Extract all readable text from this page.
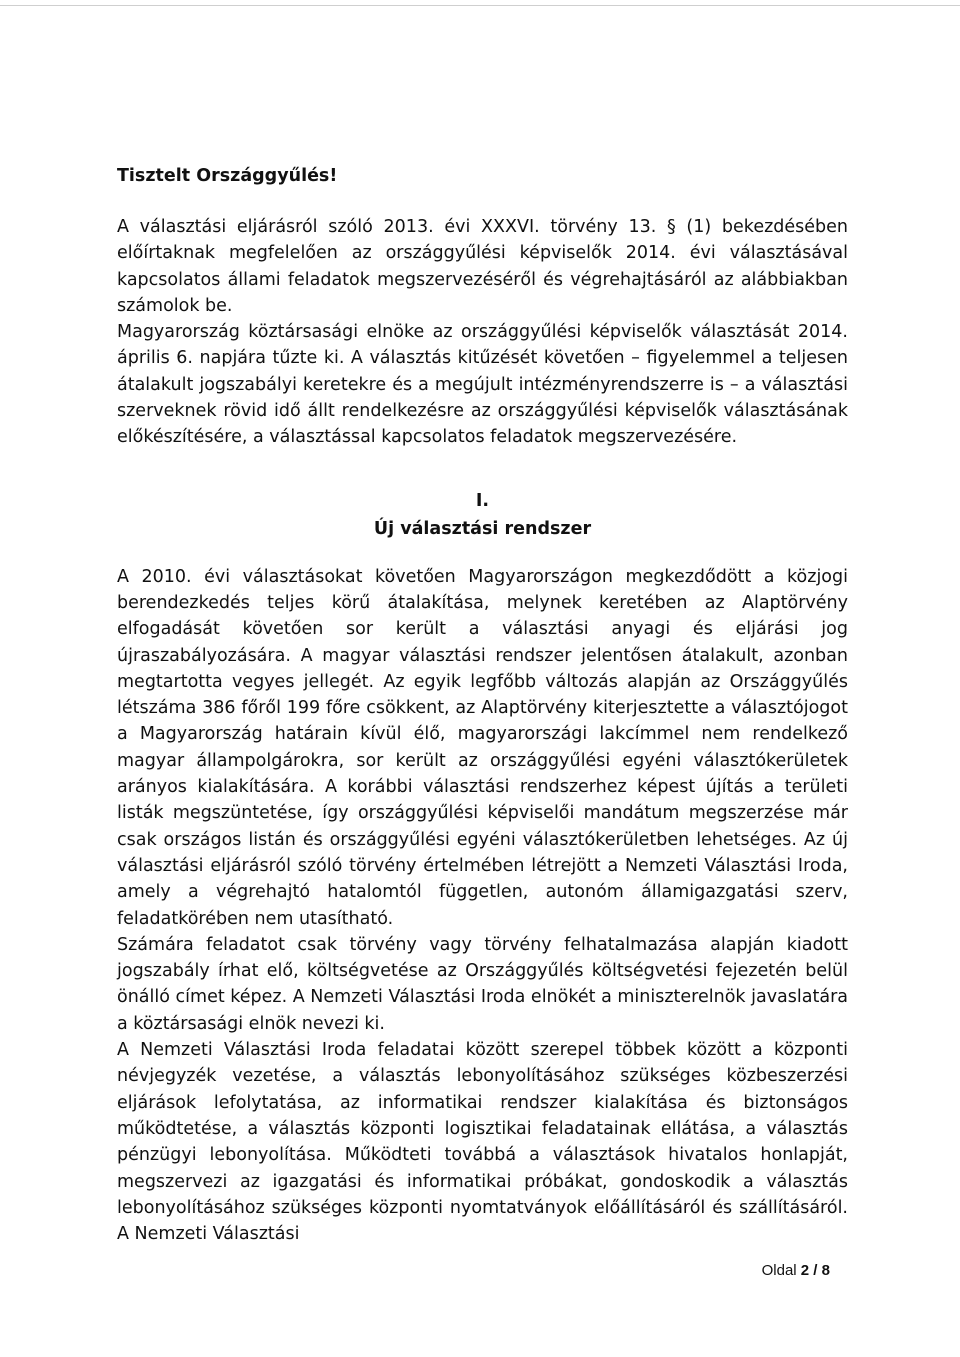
Tisztelt Országgyűlés!

A választási eljárásról szóló 2013. évi XXXVI. törvény 13. § (1) bekezdésében előírtaknak megfelelően az országgyűlési képviselők 2014. évi választásával kapcsolatos állami feladatok megszervezéséről és végrehajtásáról az alábbiakban számolok be.

Magyarország köztársasági elnöke az országgyűlési képviselők választását 2014. április 6. napjára tűzte ki. A választás kitűzését követően – figyelemmel a teljesen átalakult jogszabályi keretekre és a megújult intézményrendszerre is – a választási szerveknek rövid idő állt rendelkezésre az országgyűlési képviselők választásának előkészítésére, a választással kapcsolatos feladatok megszervezésére.

I.
Új választási rendszer

A 2010. évi választásokat követően Magyarországon megkezdődött a közjogi berendezkedés teljes körű átalakítása, melynek keretében az Alaptörvény elfogadását követően sor került a választási anyagi és eljárási jog újraszabályozására. A magyar választási rendszer jelentősen átalakult, azonban megtartotta vegyes jellegét. Az egyik legfőbb változás alapján az Országgyűlés létszáma 386 főről 199 főre csökkent, az Alaptörvény kiterjesztette a választójogot a Magyarország határain kívül élő, magyarországi lakcímmel nem rendelkező magyar állampolgárokra, sor került az országgyűlési egyéni választókerületek arányos kialakítására. A korábbi választási rendszerhez képest újítás a területi listák megszüntetése, így országgyűlési képviselői mandátum megszerzése már csak országos listán és országgyűlési egyéni választókerületben lehetséges. Az új választási eljárásról szóló törvény értelmében létrejött a Nemzeti Választási Iroda, amely a végrehajtó hatalomtól független, autonóm államigazgatási szerv, feladatkörében nem utasítható.

Számára feladatot csak törvény vagy törvény felhatalmazása alapján kiadott jogszabály írhat elő, költségvetése az Országgyűlés költségvetési fejezetén belül önálló címet képez. A Nemzeti Választási Iroda elnökét a miniszterelnök javaslatára a köztársasági elnök nevezi ki.

A Nemzeti Választási Iroda feladatai között szerepel többek között a központi névjegyzék vezetése, a választás lebonyolításához szükséges közbeszerzési eljárások lefolytatása, az informatikai rendszer kialakítása és biztonságos működtetése, a választás központi logisztikai feladatainak ellátása, a választás pénzügyi lebonyolítása. Működteti továbbá a választások hivatalos honlapját, megszervezi az igazgatási és informatikai próbákat, gondoskodik a választás lebonyolításához szükséges központi nyomtatványok előállításáról és szállításáról. A Nemzeti Választási

Oldal 2 / 8
